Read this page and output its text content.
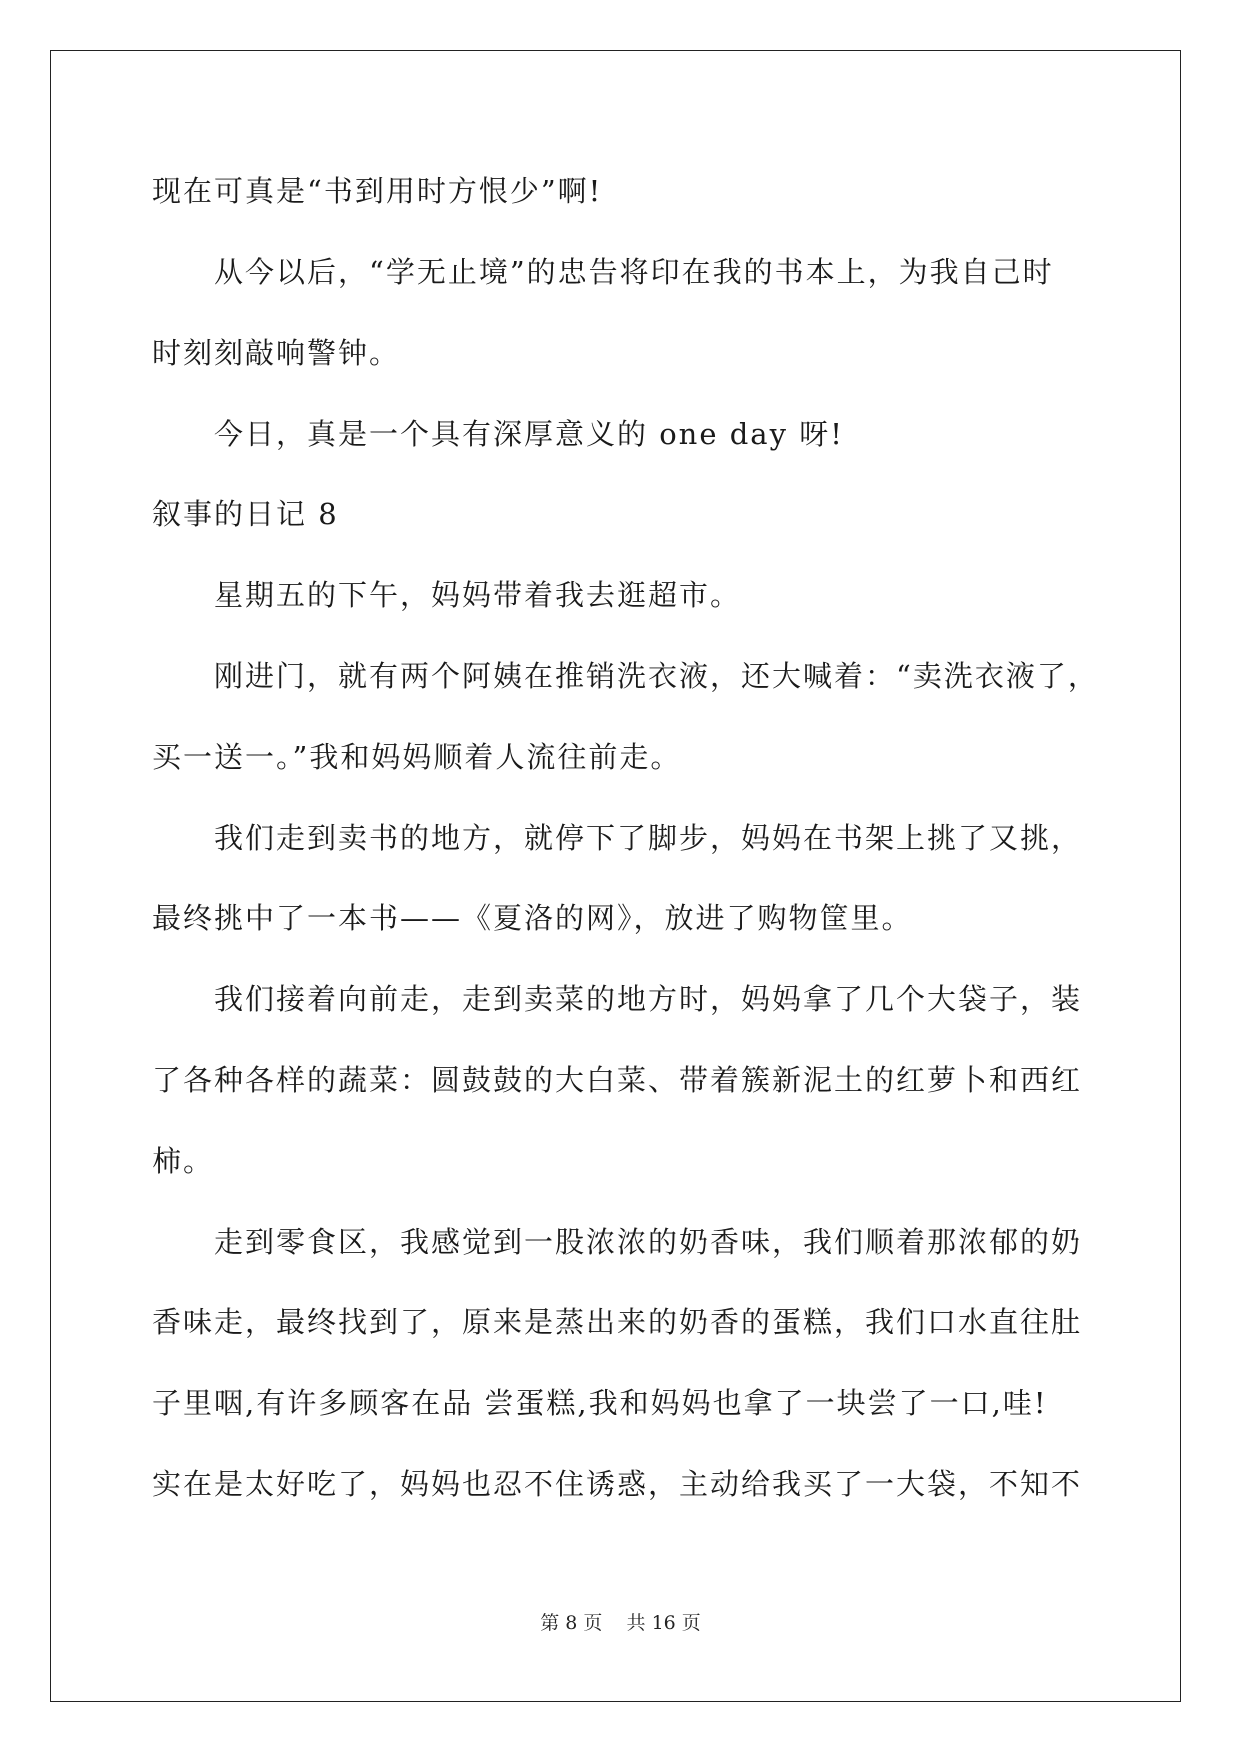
现在可真是“书到用时方恨少”啊!
从今以后，“学无止境”的忠告将印在我的书本上，为我自己时
时刻刻敲响警钟。
今日，真是一个具有深厚意义的 one day 呀!
叙事的日记 8
星期五的下午，妈妈带着我去逛超市。
刚进门，就有两个阿姨在推销洗衣液，还大喊着：“卖洗衣液了，
买一送一。”我和妈妈顺着人流往前走。
我们走到卖书的地方，就停下了脚步，妈妈在书架上挑了又挑，
最终挑中了一本书——《夏洛的网》，放进了购物筐里。
我们接着向前走，走到卖菜的地方时，妈妈拿了几个大袋子，装
了各种各样的蔬菜：圆鼓鼓的大白菜、带着簇新泥土的红萝卜和西红
柿。
走到零食区，我感觉到一股浓浓的奶香味，我们顺着那浓郁的奶
香味走，最终找到了，原来是蒸出来的奶香的蛋糕，我们口水直往肚
子里咽,有许多顾客在品 尝蛋糕,我和妈妈也拿了一块尝了一口,哇!
实在是太好吃了，妈妈也忍不住诱惑，主动给我买了一大袋，不知不
第 8 页    共 16 页
